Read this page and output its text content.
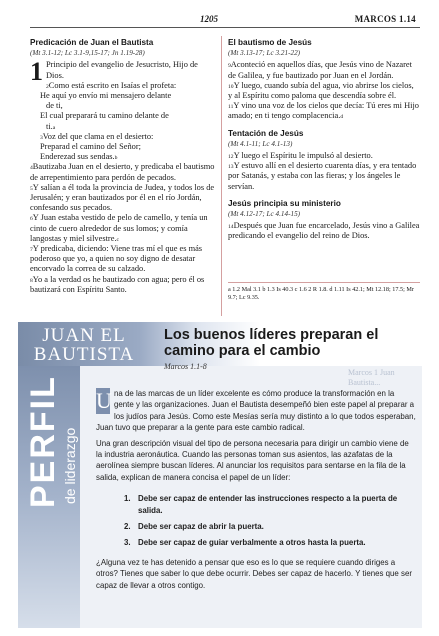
1205	MARCOS 1.14
Predicación de Juan el Bautista
(Mt 3.1-12; Lc 3.1-9,15-17; Jn 1.19-28)

1 Principio del evangelio de Jesucristo, Hijo de Dios.

$^2$Como está escrito en Isaías el profeta:

He aquí yo envío mi mensajero delante

de ti,

El cual preparará tu camino delante de

ti.$^a$

$^3$Voz del que clama en el desierto:

Preparad el camino del Señor;

Enderezad sus sendas.$^b$

$^4$Bautizaba Juan en el desierto, y predicaba el bautismo de arrepentimiento para perdón de pecados.

$^5$Y salían a él toda la provincia de Judea, y todos los de Jerusalén; y eran bautizados por él en el río Jordán, confesando sus pecados.

$^6$Y Juan estaba vestido de pelo de camello, y tenía un cinto de cuero alrededor de sus lomos; y comía langostas y miel silvestre.$^c$

$^7$Y predicaba, diciendo: Viene tras mí el que es más poderoso que yo, a quien no soy digno de desatar encorvado la correa de su calzado.

$^8$Yo a la verdad os he bautizado con agua; pero él os bautizará con Espíritu Santo.

El bautismo de Jesús
(Mt 3.13-17; Lc 3.21-22)

$^9$Aconteció en aquellos días, que Jesús vino de Nazaret de Galilea, y fue bautizado por Juan en el Jordán.

$^{10}$Y luego, cuando subía del agua, vio abrirse los cielos, y al Espíritu como paloma que descendía sobre él.

$^{11}$Y vino una voz de los cielos que decía: Tú eres mi Hijo amado; en ti tengo complacencia.$^d$

Tentación de Jesús
(Mt 4.1-11; Lc 4.1-13)

$^{12}$Y luego el Espíritu le impulsó al desierto.

$^{13}$Y estuvo allí en el desierto cuarenta días, y era tentado por Satanás, y estaba con las fieras; y los ángeles le servían.

Jesús principia su ministerio
(Mt 4.12-17; Lc 4.14-15)

$^{14}$Después que Juan fue encarcelado, Jesús vino a Galilea predicando el evangelio del reino de Dios.

a 1.2 Mal 3.1 b 1.3 Is 40.3 c 1.6 2 R 1.8. d 1.11 Is 42.1; Mt 12.18; 17.5; Mr 9.7; Lc 9.35.
JUAN EL
BAUTISTA
PERFIL de liderazgo
Los buenos líderes preparan el camino para el cambio
Marcos 1.1-8
Marcos 1 Juan Bautista...

U na de las marcas de un líder excelente es cómo produce la transformación en la gente y las organizaciones. Juan el Bautista desempeñó bien este papel al preparar a los judíos para Jesús. Como este Mesías sería muy distinto a lo que todos esperaban, Juan tuvo que preparar a la gente para este cambio radical.

Una gran descripción visual del tipo de persona necesaria para dirigir un cambio viene de la industria aeronáutica. Cuando las personas toman sus asientos, las azafatas de la aerolínea siempre buscan líderes. Al anunciar los requisitos para sentarse en la fila de la salida, explican de manera concisa el papel de un líder:

1. Debe ser capaz de entender las instrucciones respecto a la puerta de salida.
2. Debe ser capaz de abrir la puerta.
3. Debe ser capaz de guiar verbalmente a otros hasta la puerta.

¿Alguna vez te has detenido a pensar que eso es lo que se requiere cuando diriges a otros? Tienes que saber lo que debe ocurrir. Debes ser capaz de hacerlo. Y tienes que ser capaz de llevar a otros contigo.
